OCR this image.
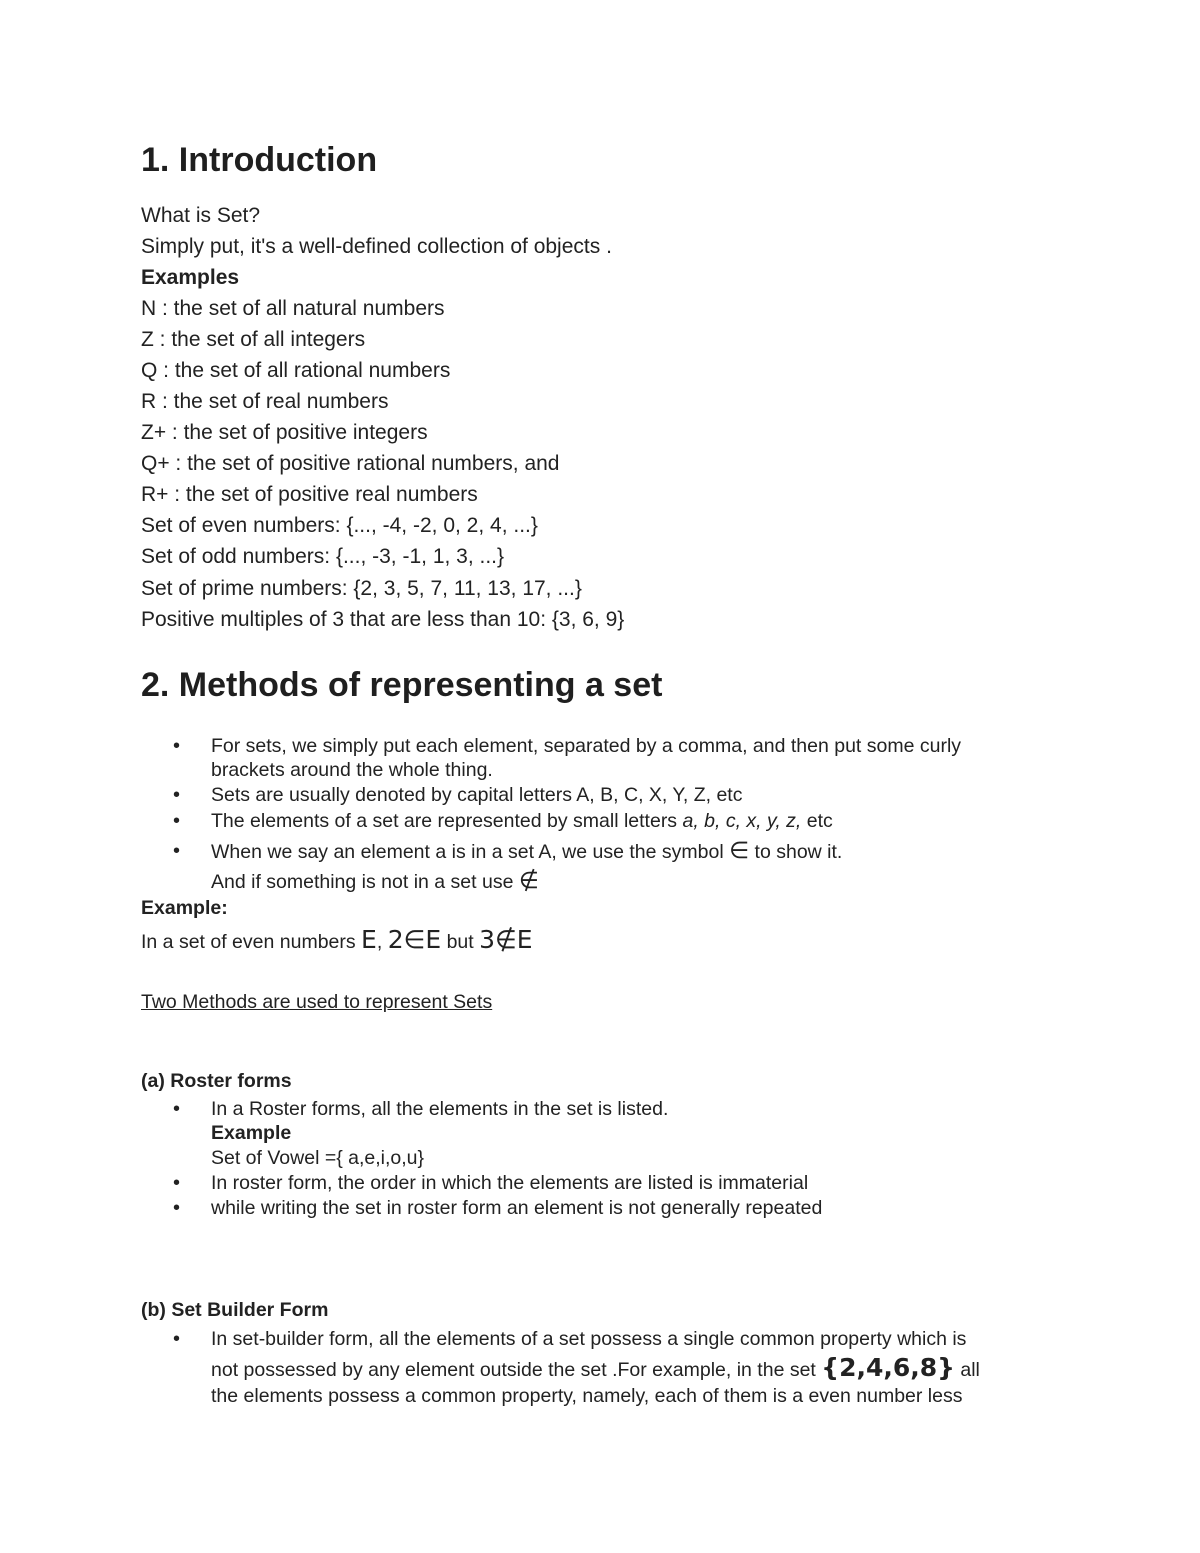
1. Introduction
What is Set?
Simply put, it's a well-defined collection of objects .
Examples
N : the set of all natural numbers
Z : the set of all integers
Q : the set of all rational numbers
R : the set of real numbers
Z+ : the set of positive integers
Q+ : the set of positive rational numbers, and
R+ : the set of positive real numbers
Set of even numbers: {..., -4, -2, 0, 2, 4, ...}
Set of odd numbers: {..., -3, -1, 1, 3, ...}
Set of prime numbers: {2, 3, 5, 7, 11, 13, 17, ...}
Positive multiples of 3 that are less than 10: {3, 6, 9}
2. Methods of representing a set
•
For sets, we simply put each element, separated by a comma, and then put some curly
brackets around the whole thing.
•
Sets are usually denoted by capital letters A, B, C, X, Y, Z, etc
•
The elements of a set are represented by small letters a, b, c, x, y, z, etc
•
When we say an element a is in a set A, we use the symbol ∈ to show it.
And if something is not in a set use ∉
Example:
In a set of even numbers E, 2∈E but 3∉E
Two Methods are used to represent Sets
(a) Roster forms
•
In a Roster forms, all the elements in the set is listed.
Example
Set of Vowel ={ a,e,i,o,u}
•
In roster form, the order in which the elements are listed is immaterial
•
while writing the set in roster form an element is not generally repeated
(b) Set Builder Form
•
In set-builder form, all the elements of a set possess a single common property which is
not possessed by any element outside the set .For example, in the set {2,4,6,8} all
the elements possess a common property, namely, each of them is a even number less
